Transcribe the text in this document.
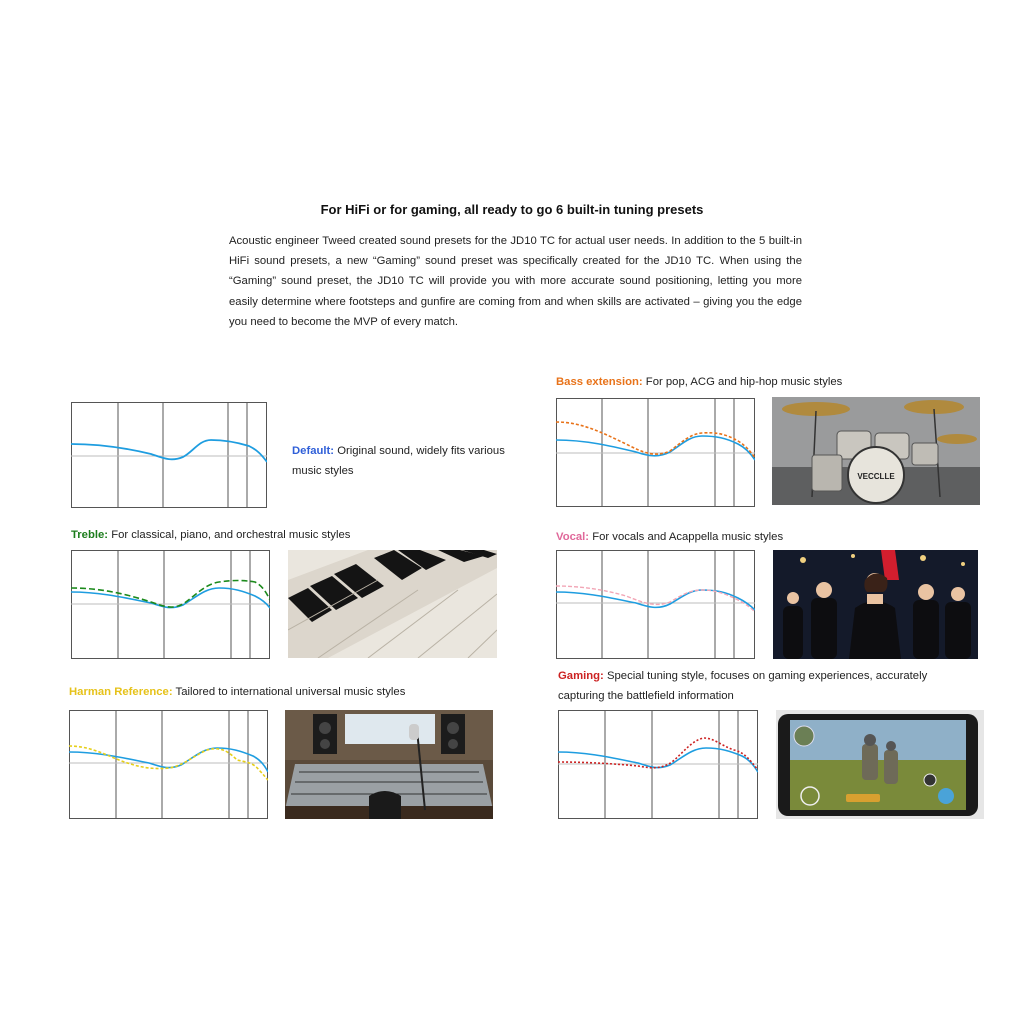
For HiFi or for gaming, all ready to go 6 built-in tuning presets
Acoustic engineer Tweed created sound presets for the JD10 TC for actual user needs. In addition to the 5 built-in HiFi sound presets, a new “Gaming” sound preset was specifically created for the JD10 TC. When using the “Gaming” sound preset, the JD10 TC will provide you with more accurate sound positioning, letting you more easily determine where footsteps and gunfire are coming from and when skills are activated – giving you the edge you need to become the MVP of every match.
Default: Original sound, widely fits various music styles
Bass extension: For pop, ACG and hip-hop music styles
VECCLLE
Treble: For classical, piano, and orchestral music styles	Vocal: For vocals and Acappella music styles
Harman Reference: Tailored to international universal music styles
Gaming: Special tuning style, focuses on gaming experiences, accurately capturing the battlefield information
